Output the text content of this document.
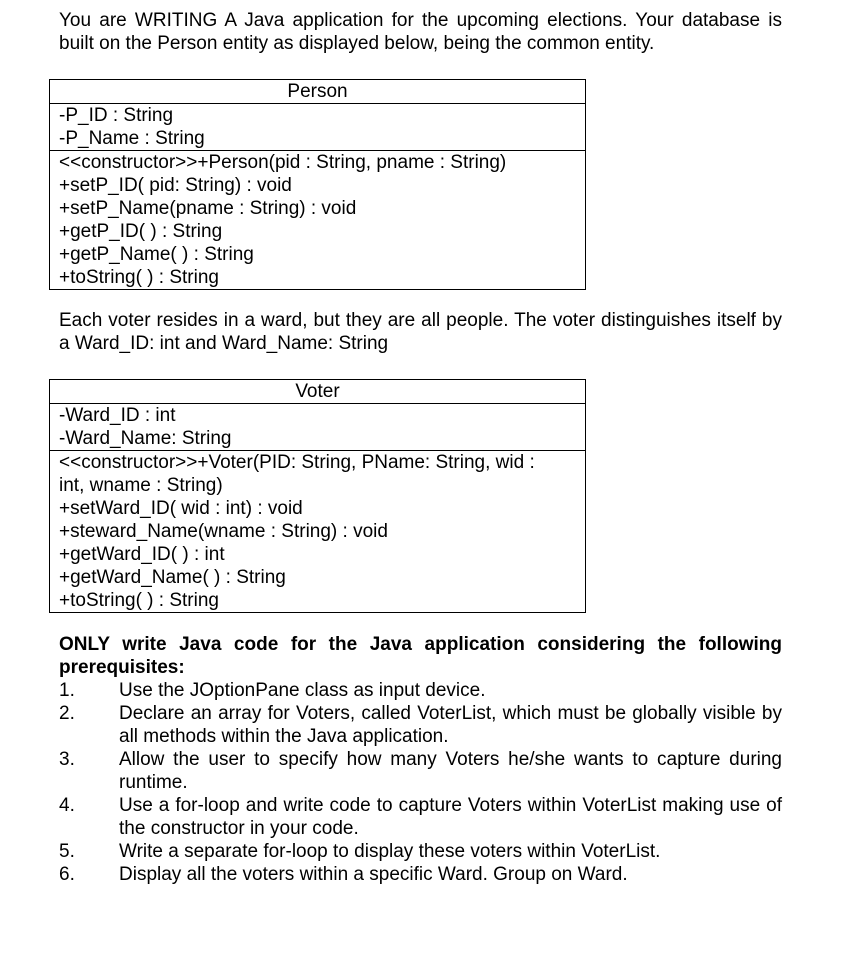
You are WRITING A Java application for the upcoming elections. Your database is built on the Person entity as displayed below, being the common entity.

Person
-P_ID : String
-P_Name : String
<<constructor>>+Person(pid : String, pname : String)
+setP_ID( pid: String) : void
+setP_Name(pname : String) : void
+getP_ID( ) : String
+getP_Name( ) : String
+toString( ) : String

Each voter resides in a ward, but they are all people. The voter distinguishes itself by a Ward_ID: int and Ward_Name: String

Voter
-Ward_ID : int
-Ward_Name: String
<<constructor>>+Voter(PID: String, PName: String, wid :
int, wname : String)
+setWard_ID( wid : int) : void
+steward_Name(wname : String) : void
+getWard_ID( ) : int
+getWard_Name( ) : String
+toString( ) : String

ONLY write Java code for the Java application considering the following prerequisites:

1.	Use the JOptionPane class as input device.
2.	Declare an array for Voters, called VoterList, which must be globally visible by all methods within the Java application.
3.	Allow the user to specify how many Voters he/she wants to capture during runtime.
4.	Use a for-loop and write code to capture Voters within VoterList making use of the constructor in your code.
5.	Write a separate for-loop to display these voters within VoterList.
6.	Display all the voters within a specific Ward. Group on Ward.
